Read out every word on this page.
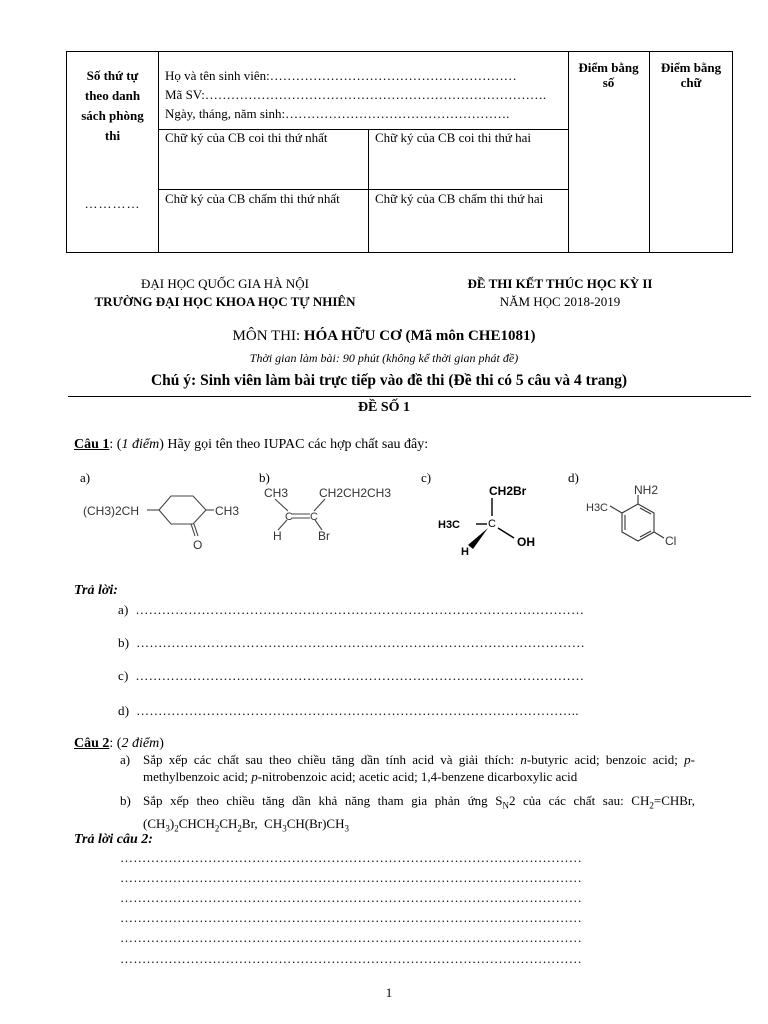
Số thứ tự
theo danh
sách phòng
thi
…………
Họ và tên sinh viên:…………………………………………………
Mã SV:…………………………………………………………………….
Ngày, tháng, năm sinh:…………………………………………….
Chữ ký của CB coi thi thứ nhất	Chữ ký của CB coi thi thứ hai
Chữ ký của CB chấm thi thứ nhất	Chữ ký của CB chấm thi thứ hai
Điểm bằng
số
Điểm bằng
chữ
ĐẠI HỌC QUỐC GIA HÀ NỘI
TRƯỜNG ĐẠI HỌC KHOA HỌC TỰ NHIÊN
ĐỀ THI KẾT THÚC HỌC KỲ II
NĂM HỌC 2018-2019
MÔN THI: HÓA HỮU CƠ (Mã môn CHE1081)
Thời gian làm bài: 90 phút (không kể thời gian phát đề)
Chú ý: Sinh viên làm bài trực tiếp vào đề thi (Đề thi có 5 câu và 4 trang)
ĐỀ SỐ 1
Câu 1: (1 điểm) Hãy gọi tên theo IUPAC các hợp chất sau đây:
a)	b)	c)	d)
(CH3)2CH	CH3
O
CH3	CH2CH2CH3
C C
H	Br
CH2Br
H3C	C
H
OH
NH2
H3C
Cl
Trả lời:
a) …………………………………………………………………………………………
b) …………………………………………………………………………………………
c) …………………………………………………………………………………………
d) ………………………………………………………………………………………..
Câu 2: (2 điểm)
a) Sắp xếp các chất sau theo chiều tăng dần tính acid và giải thích: n-butyric acid; benzoic acid; p-methylbenzoic acid; p-nitrobenzoic acid; acetic acid; 1,4-benzene dicarboxylic acid
b) Sắp xếp theo chiều tăng dần khả năng tham gia phản ứng $S_N2$ của các chất sau: $CH_2=CHBr$, $(CH_3)_2CHCH_2CH_2Br$,  $CH_3CH(Br)CH_3$
Trả lời câu 2:
……………………………………………………………………………………………
……………………………………………………………………………………………
……………………………………………………………………………………………
……………………………………………………………………………………………
……………………………………………………………………………………………
……………………………………………………………………………………………
1
